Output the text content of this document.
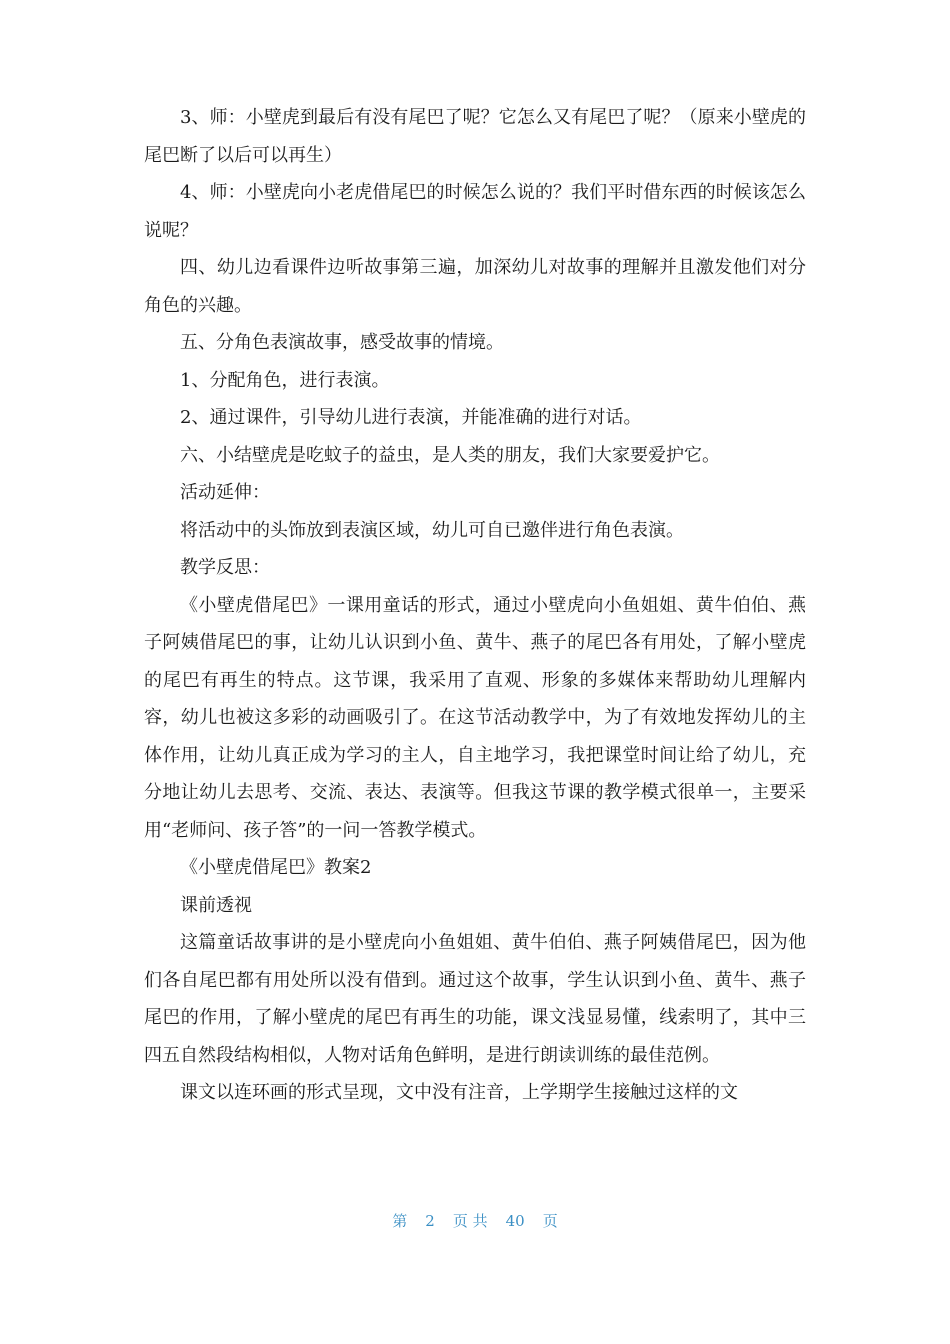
3、师：小壁虎到最后有没有尾巴了呢？它怎么又有尾巴了呢？（原来小壁虎的尾巴断了以后可以再生）

4、师：小壁虎向小老虎借尾巴的时候怎么说的？我们平时借东西的时候该怎么说呢？

四、幼儿边看课件边听故事第三遍，加深幼儿对故事的理解并且激发他们对分角色的兴趣。

五、分角色表演故事，感受故事的情境。

1、分配角色，进行表演。

2、通过课件，引导幼儿进行表演，并能准确的进行对话。

六、小结壁虎是吃蚊子的益虫，是人类的朋友，我们大家要爱护它。

活动延伸：

将活动中的头饰放到表演区域，幼儿可自已邀伴进行角色表演。

教学反思：

《小壁虎借尾巴》一课用童话的形式，通过小壁虎向小鱼姐姐、黄牛伯伯、燕子阿姨借尾巴的事，让幼儿认识到小鱼、黄牛、燕子的尾巴各有用处，了解小壁虎的尾巴有再生的特点。这节课，我采用了直观、形象的多媒体来帮助幼儿理解内容，幼儿也被这多彩的动画吸引了。在这节活动教学中，为了有效地发挥幼儿的主体作用，让幼儿真正成为学习的主人，自主地学习，我把课堂时间让给了幼儿，充分地让幼儿去思考、交流、表达、表演等。但我这节课的教学模式很单一，主要采用“老师问、孩子答”的一问一答教学模式。

《小壁虎借尾巴》教案2

课前透视

这篇童话故事讲的是小壁虎向小鱼姐姐、黄牛伯伯、燕子阿姨借尾巴，因为他们各自尾巴都有用处所以没有借到。通过这个故事，学生认识到小鱼、黄牛、燕子尾巴的作用，了解小壁虎的尾巴有再生的功能，课文浅显易懂，线索明了，其中三四五自然段结构相似，人物对话角色鲜明，是进行朗读训练的最佳范例。

课文以连环画的形式呈现，文中没有注音，上学期学生接触过这样的文

第 2 页 共 40 页
